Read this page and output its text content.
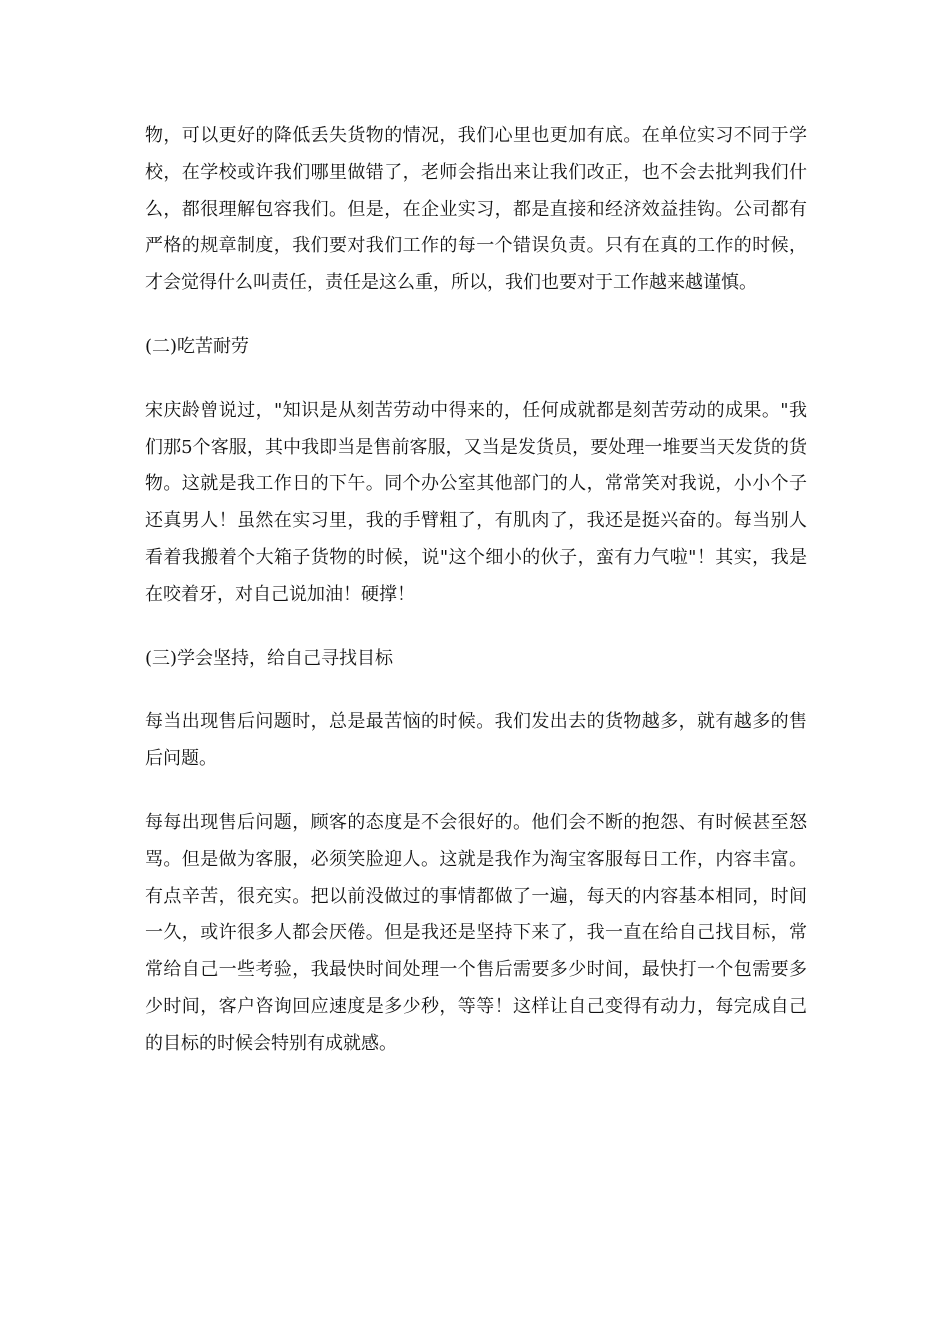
物，可以更好的降低丢失货物的情况，我们心里也更加有底。在单位实习不同于学校，在学校或许我们哪里做错了，老师会指出来让我们改正，也不会去批判我们什么，都很理解包容我们。但是，在企业实习，都是直接和经济效益挂钩。公司都有严格的规章制度，我们要对我们工作的每一个错误负责。只有在真的工作的时候，才会觉得什么叫责任，责任是这么重，所以，我们也要对于工作越来越谨慎。

(二)吃苦耐劳

宋庆龄曾说过，"知识是从刻苦劳动中得来的，任何成就都是刻苦劳动的成果。"我们那5个客服，其中我即当是售前客服，又当是发货员，要处理一堆要当天发货的货物。这就是我工作日的下午。同个办公室其他部门的人，常常笑对我说，小小个子还真男人！虽然在实习里，我的手臂粗了，有肌肉了，我还是挺兴奋的。每当别人看着我搬着个大箱子货物的时候，说"这个细小的伙子，蛮有力气啦"！其实，我是在咬着牙，对自己说加油！硬撑！

(三)学会坚持，给自己寻找目标

每当出现售后问题时，总是最苦恼的时候。我们发出去的货物越多，就有越多的售后问题。

每每出现售后问题，顾客的态度是不会很好的。他们会不断的抱怨、有时候甚至怒骂。但是做为客服，必须笑脸迎人。这就是我作为淘宝客服每日工作，内容丰富。有点辛苦，很充实。把以前没做过的事情都做了一遍，每天的内容基本相同，时间一久，或许很多人都会厌倦。但是我还是坚持下来了，我一直在给自己找目标，常常给自己一些考验，我最快时间处理一个售后需要多少时间，最快打一个包需要多少时间，客户咨询回应速度是多少秒，等等！这样让自己变得有动力，每完成自己的目标的时候会特别有成就感。
